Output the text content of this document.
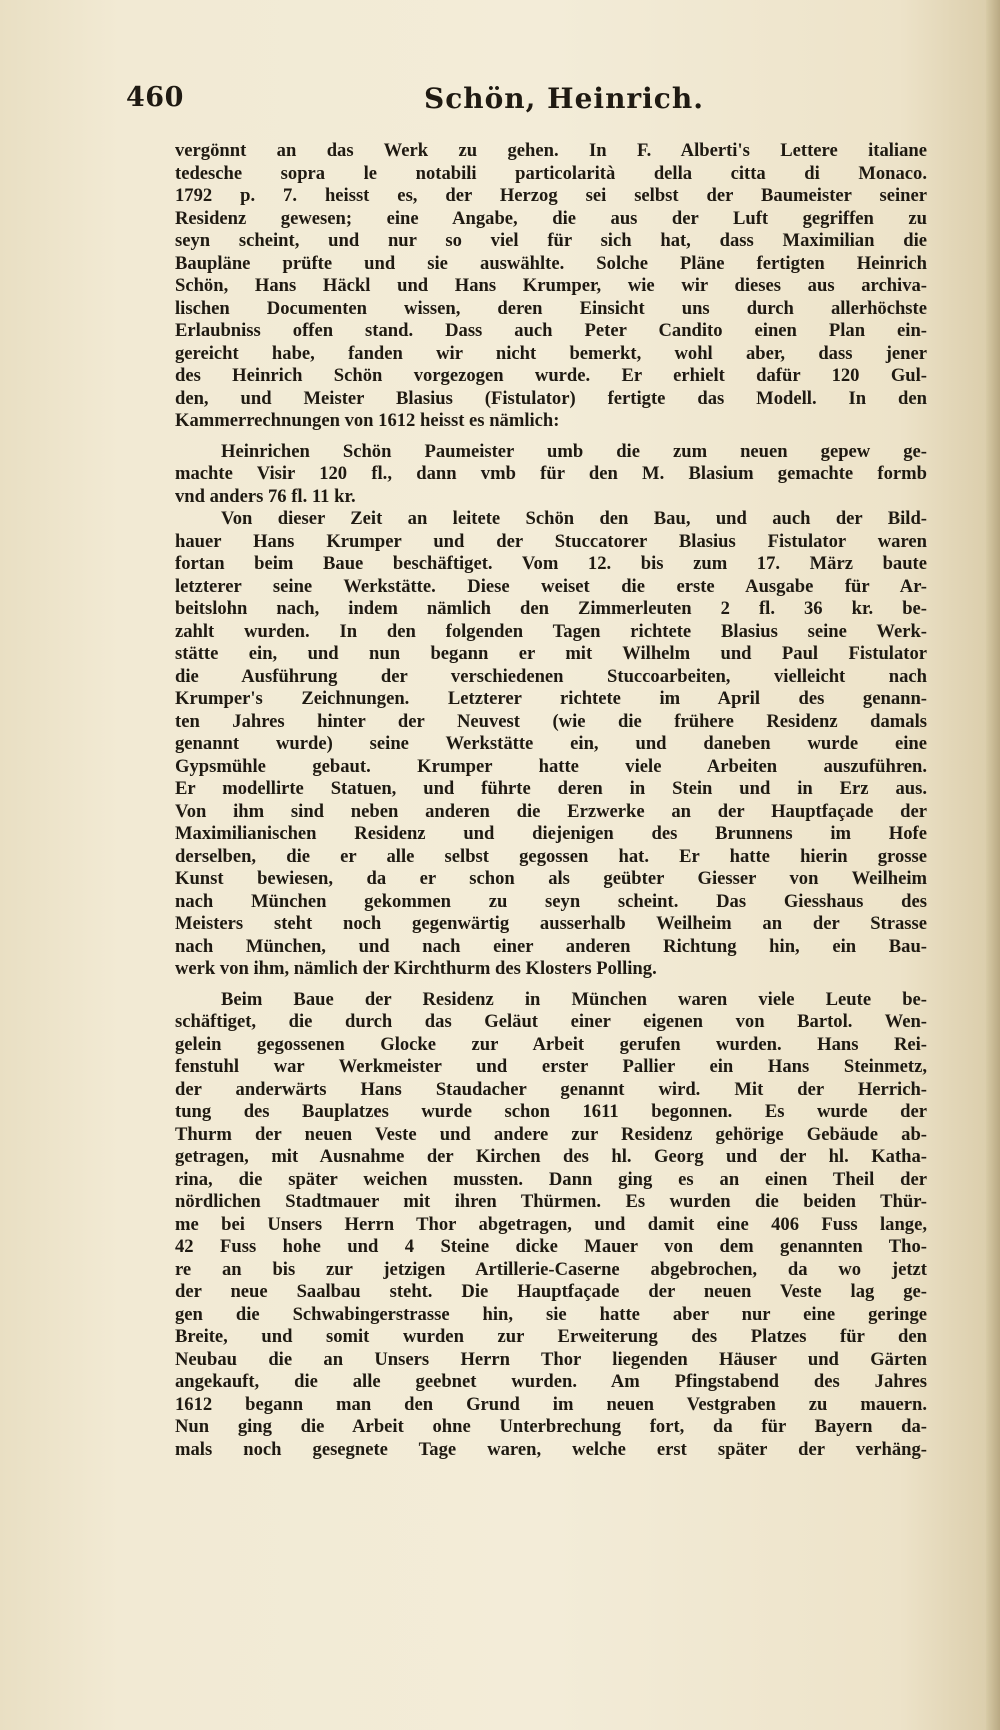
460	Schön, Heinrich.
vergönnt an das Werk zu gehen. In F. Alberti's Lettere italiane
tedesche sopra le notabili particolarità della citta di Monaco.
1792 p. 7. heisst es, der Herzog sei selbst der Baumeister seiner
Residenz gewesen; eine Angabe, die aus der Luft gegriffen zu
seyn scheint, und nur so viel für sich hat, dass Maximilian die
Baupläne prüfte und sie auswählte. Solche Pläne fertigten Heinrich
Schön, Hans Häckl und Hans Krumper, wie wir dieses aus archiva-
lischen Documenten wissen, deren Einsicht uns durch allerhöchste
Erlaubniss offen stand. Dass auch Peter Candito einen Plan ein-
gereicht habe, fanden wir nicht bemerkt, wohl aber, dass jener
des Heinrich Schön vorgezogen wurde. Er erhielt dafür 120 Gul-
den, und Meister Blasius (Fistulator) fertigte das Modell. In den
Kammerrechnungen von 1612 heisst es nämlich:
Heinrichen Schön Paumeister umb die zum neuen gepew ge-
machte Visir 120 fl., dann vmb für den M. Blasium gemachte formb
vnd anders 76 fl. 11 kr.
Von dieser Zeit an leitete Schön den Bau, und auch der Bild-
hauer Hans Krumper und der Stuccatorer Blasius Fistulator waren
fortan beim Baue beschäftiget. Vom 12. bis zum 17. März baute
letzterer seine Werkstätte. Diese weiset die erste Ausgabe für Ar-
beitslohn nach, indem nämlich den Zimmerleuten 2 fl. 36 kr. be-
zahlt wurden. In den folgenden Tagen richtete Blasius seine Werk-
stätte ein, und nun begann er mit Wilhelm und Paul Fistulator
die Ausführung der verschiedenen Stuccoarbeiten, vielleicht nach
Krumper's Zeichnungen. Letzterer richtete im April des genann-
ten Jahres hinter der Neuvest (wie die frühere Residenz damals
genannt wurde) seine Werkstätte ein, und daneben wurde eine
Gypsmühle gebaut. Krumper hatte viele Arbeiten auszuführen.
Er modellirte Statuen, und führte deren in Stein und in Erz aus.
Von ihm sind neben anderen die Erzwerke an der Hauptfaçade der
Maximilianischen Residenz und diejenigen des Brunnens im Hofe
derselben, die er alle selbst gegossen hat. Er hatte hierin grosse
Kunst bewiesen, da er schon als geübter Giesser von Weilheim
nach München gekommen zu seyn scheint. Das Giesshaus des
Meisters steht noch gegenwärtig ausserhalb Weilheim an der Strasse
nach München, und nach einer anderen Richtung hin, ein Bau-
werk von ihm, nämlich der Kirchthurm des Klosters Polling.
Beim Baue der Residenz in München waren viele Leute be-
schäftiget, die durch das Geläut einer eigenen von Bartol. Wen-
gelein gegossenen Glocke zur Arbeit gerufen wurden. Hans Rei-
fenstuhl war Werkmeister und erster Pallier ein Hans Steinmetz,
der anderwärts Hans Staudacher genannt wird. Mit der Herrich-
tung des Bauplatzes wurde schon 1611 begonnen. Es wurde der
Thurm der neuen Veste und andere zur Residenz gehörige Gebäude ab-
getragen, mit Ausnahme der Kirchen des hl. Georg und der hl. Katha-
rina, die später weichen mussten. Dann ging es an einen Theil der
nördlichen Stadtmauer mit ihren Thürmen. Es wurden die beiden Thür-
me bei Unsers Herrn Thor abgetragen, und damit eine 406 Fuss lange,
42 Fuss hohe und 4 Steine dicke Mauer von dem genannten Tho-
re an bis zur jetzigen Artillerie-Caserne abgebrochen, da wo jetzt
der neue Saalbau steht. Die Hauptfaçade der neuen Veste lag ge-
gen die Schwabingerstrasse hin, sie hatte aber nur eine geringe
Breite, und somit wurden zur Erweiterung des Platzes für den
Neubau die an Unsers Herrn Thor liegenden Häuser und Gärten
angekauft, die alle geebnet wurden. Am Pfingstabend des Jahres
1612 begann man den Grund im neuen Vestgraben zu mauern.
Nun ging die Arbeit ohne Unterbrechung fort, da für Bayern da-
mals noch gesegnete Tage waren, welche erst später der verhäng-
